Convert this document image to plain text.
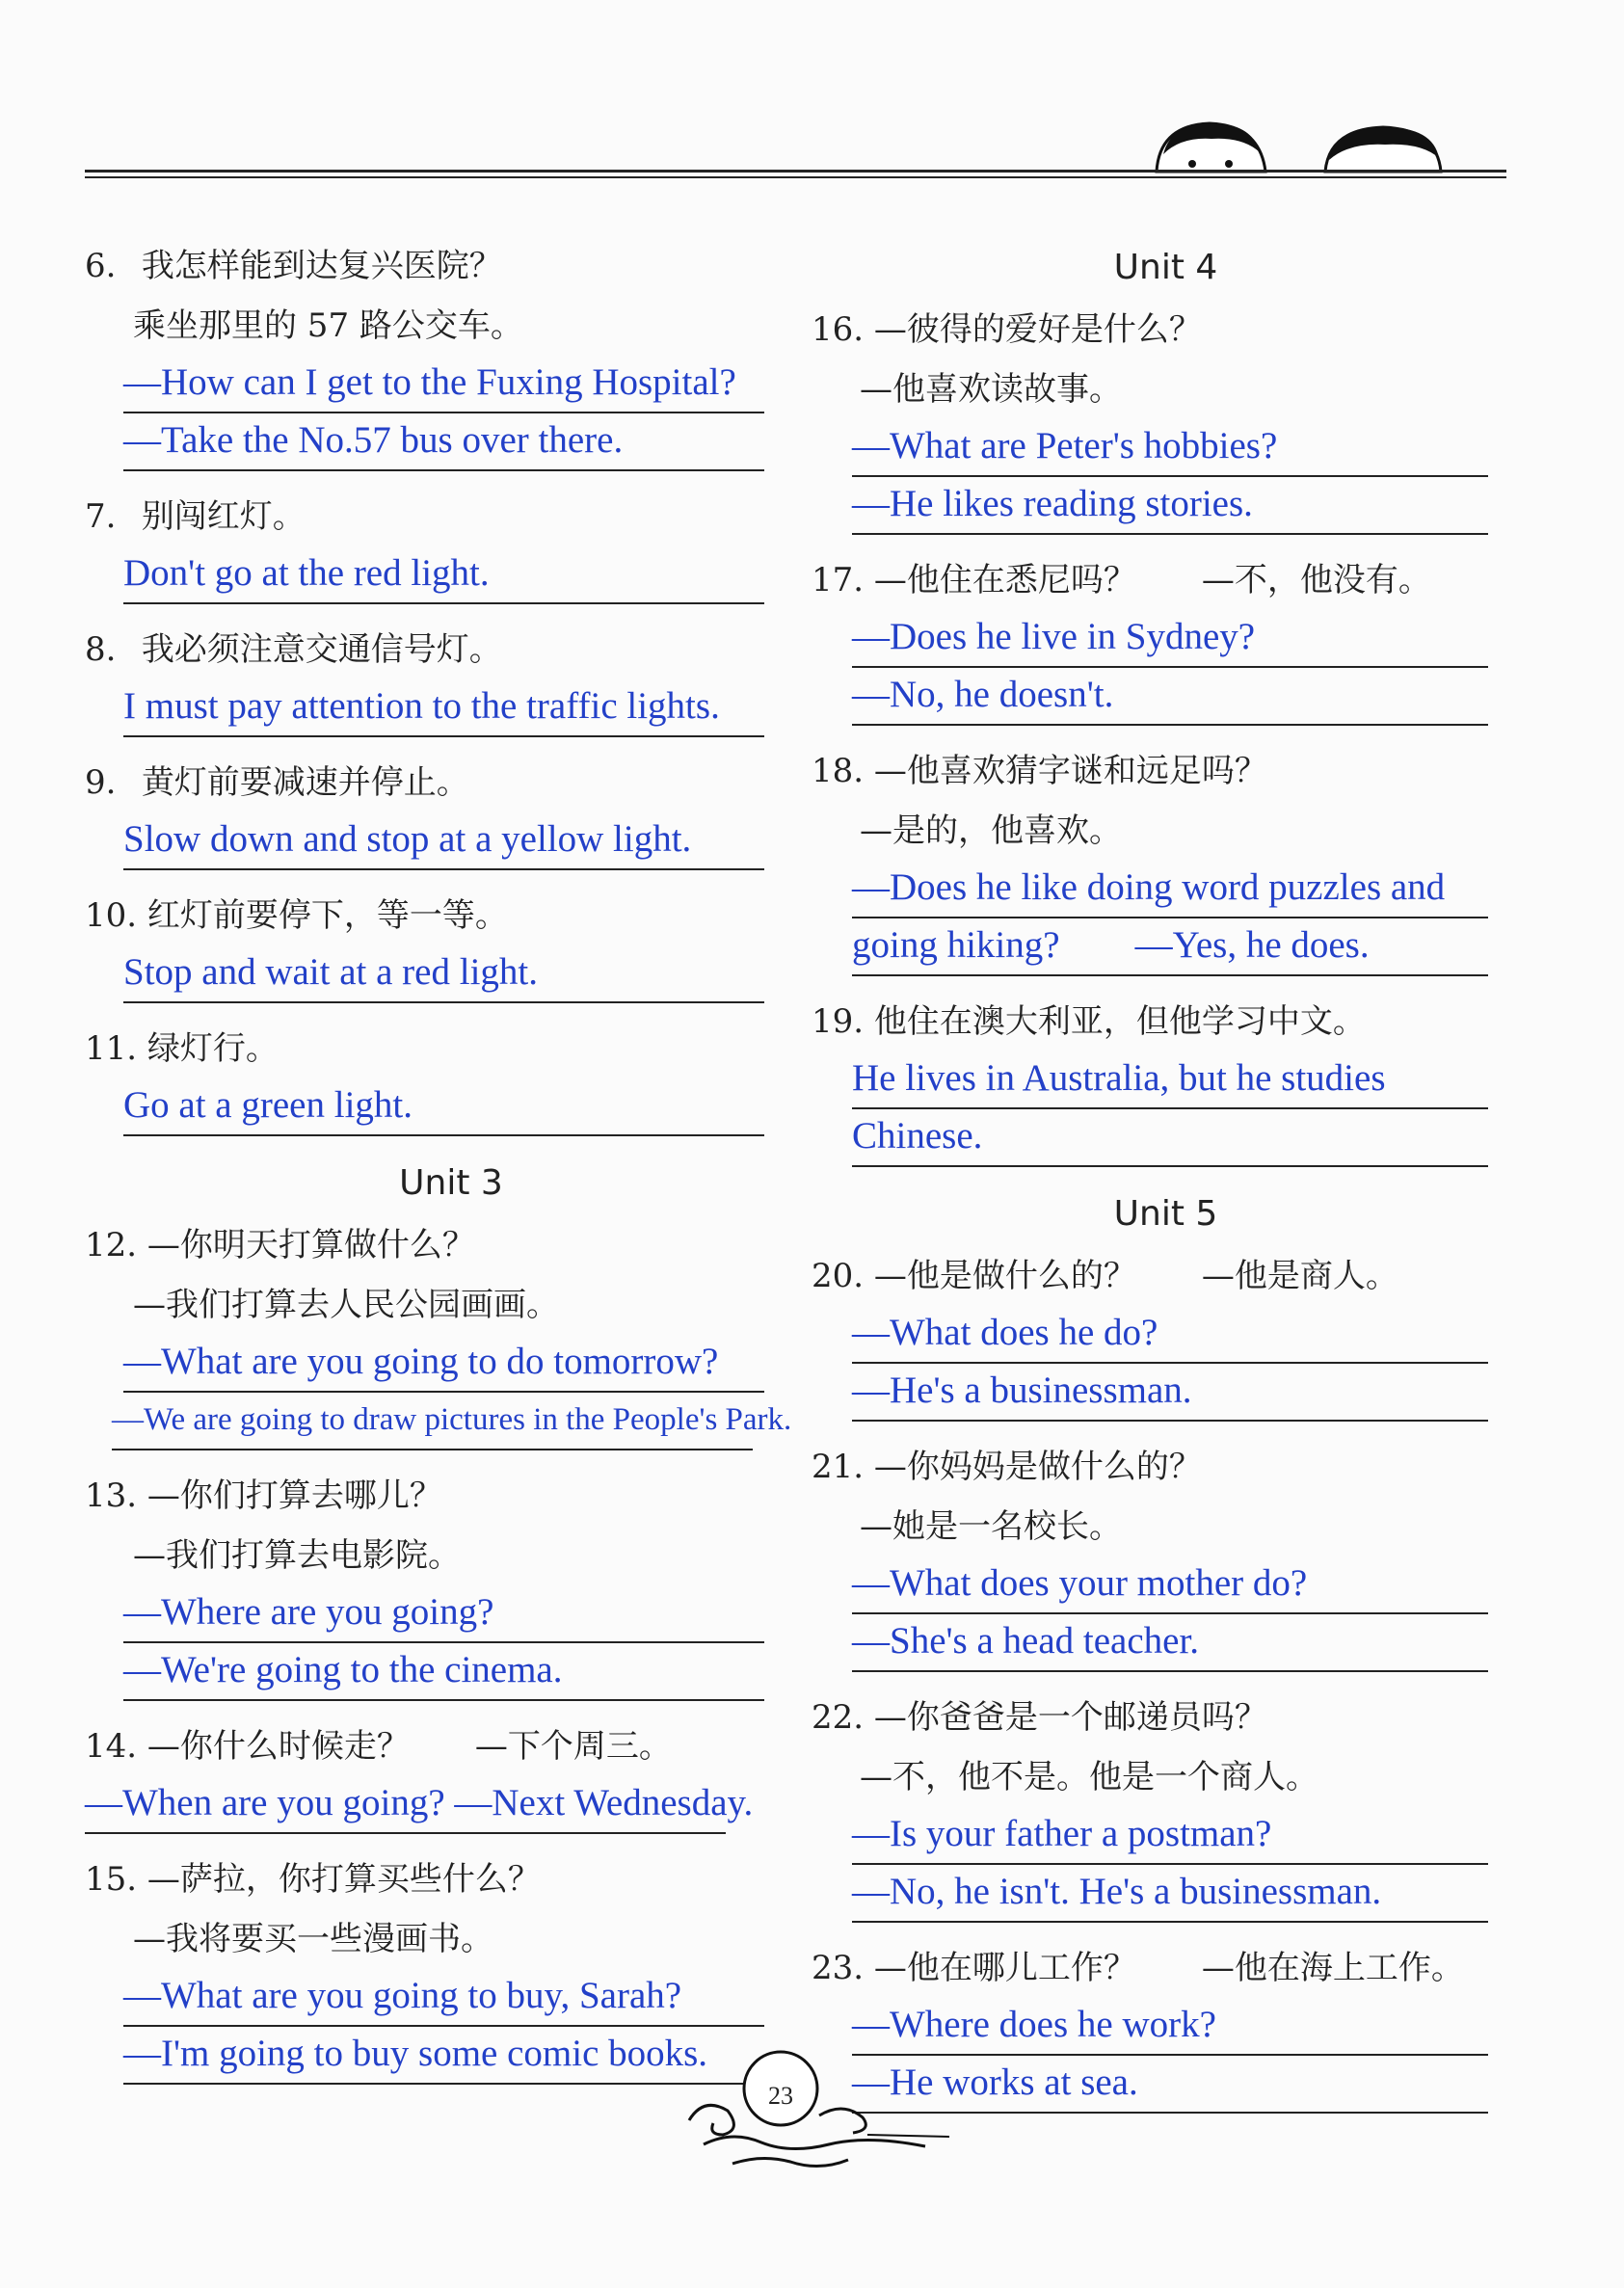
6. 我怎样能到达复兴医院？
乘坐那里的 57 路公交车。
—How can I get to the Fuxing Hospital?
—Take the No.57 bus over there.
7. 别闯红灯。
Don't go at the red light.
8. 我必须注意交通信号灯。
I must pay attention to the traffic lights.
9. 黄灯前要减速并停止。
Slow down and stop at a yellow light.
10. 红灯前要停下，等一等。
Stop and wait at a red light.
11. 绿灯行。
Go at a green light.
Unit 3
12. —你明天打算做什么？
—我们打算去人民公园画画。
—What are you going to do tomorrow?
—We are going to draw pictures in the People's Park.
13. —你们打算去哪儿？
—我们打算去电影院。
—Where are you going?
—We're going to the cinema.
14. —你什么时候走？　　—下个周三。
—When are you going? —Next Wednesday.
15. —萨拉，你打算买些什么？
—我将要买一些漫画书。
—What are you going to buy, Sarah?
—I'm going to buy some comic books.
Unit 4
16. —彼得的爱好是什么？
—他喜欢读故事。
—What are Peter's hobbies?
—He likes reading stories.
17. —他住在悉尼吗？　　—不，他没有。
—Does he live in Sydney?
—No, he doesn't.
18. —他喜欢猜字谜和远足吗？
—是的，他喜欢。
—Does he like doing word puzzles and
going hiking?　　—Yes, he does.
19. 他住在澳大利亚，但他学习中文。
He lives in Australia, but he studies
Chinese.
Unit 5
20. —他是做什么的？　　—他是商人。
—What does he do?
—He's a businessman.
21. —你妈妈是做什么的？
—她是一名校长。
—What does your mother do?
—She's a head teacher.
22. —你爸爸是一个邮递员吗？
—不，他不是。他是一个商人。
—Is your father a postman?
—No, he isn't. He's a businessman.
23. —他在哪儿工作？　　—他在海上工作。
—Where does he work?
—He works at sea.
23
